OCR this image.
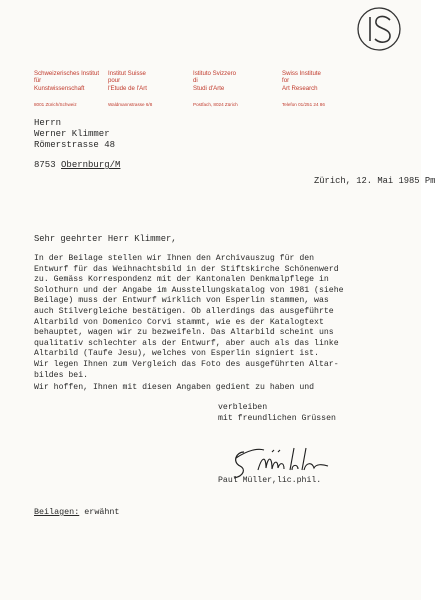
Schweizerisches Institut
für
Kunstwissenschaft
8001 Zürich/Schweiz
Institut Suisse
pour
l'Etude de l'Art
Waldmannstrasse 6/8
Istituto Svizzero
di
Studi d'Arte
Postfach, 8024 Zürich
Swiss Institute
for
Art Research
Telefon 01/251 24 86
Herrn
Werner Klimmer
Römerstrasse 48
8753 Obernburg/M
Zürich, 12. Mai 1985 Pm
Sehr geehrter Herr Klimmer,
In der Beilage stellen wir Ihnen den Archivauszug für den
Entwurf für das Weihnachtsbild in der Stiftskirche Schönenwerd
zu. Gemäss Korrespondenz mit der Kantonalen Denkmalpflege in
Solothurn und der Angabe im Ausstellungskatalog von 1981 (siehe
Beilage) muss der Entwurf wirklich von Esperlin stammen, was
auch Stilvergleiche bestätigen. Ob allerdings das ausgeführte
Altarbild von Domenico Corvi stammt, wie es der Katalogtext
behauptet, wagen wir zu bezweifeln. Das Altarbild scheint uns
qualitativ schlechter als der Entwurf, aber auch als das linke
Altarbild (Taufe Jesu), welches von Esperlin signiert ist.
Wir legen Ihnen zum Vergleich das Foto des ausgeführten Altar-
bildes bei.
Wir hoffen, Ihnen mit diesen Angaben gedient zu haben und
verbleiben
mit freundlichen Grüssen
Paul Müller,lic.phil.
Beilagen: erwähnt
